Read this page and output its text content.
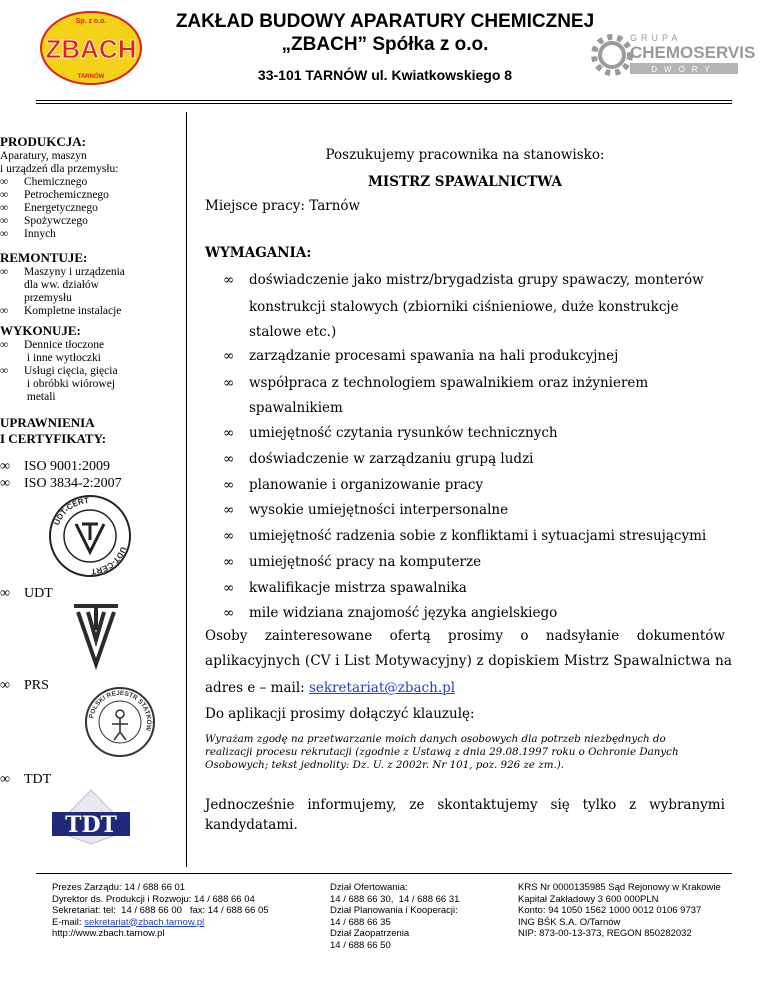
Sp. z o.o.
ZBACH
TARNÓW
ZAKŁAD BUDOWY APARATURY CHEMICZNEJ
„ZBACH” Spółka z o.o.
33-101 TARNÓW ul. Kwiatkowskiego 8
GRUPA
CHEMOSERVIS
DWORY

PRODUKCJA:

Aparatury, maszyn
i urządzeń dla przemysłu:
∞ Chemicznego
∞ Petrochemicznego
∞ Energetycznego
∞ Spożywczego
∞ Innych

REMONTUJE:

∞ Maszyny i urządzenia
dla ww. działów
przemysłu
∞ Kompletne instalacje

WYKONUJE:

∞ Dennice tłoczone
i inne wytłoczki
∞ Usługi cięcia, gięcia
i obróbki wiórowej
metali
UPRAWNIENIA
I CERTYFIKATY:
∞ ISO 9001:2009
∞ ISO 3834-2:2007
UDT-CERT
UDT-CERT
∞ UDT
∞ PRS
POLSKI REJESTR STATKÓW
∞ TDT
TDT
Poszukujemy pracownika na stanowisko:
MISTRZ SPAWALNICTWA
Miejsce pracy: Tarnów
WYMAGANIA:
∞ doświadczenie jako mistrz/brygadzista grupy spawaczy, monterów
konstrukcji stalowych (zbiorniki ciśnieniowe, duże konstrukcje
stalowe etc.)
∞ zarządzanie procesami spawania na hali produkcyjnej
∞ współpraca z technologiem spawalnikiem oraz inżynierem
spawalnikiem
∞ umiejętność czytania rysunków technicznych
∞ doświadczenie w zarządzaniu grupą ludzi
∞ planowanie i organizowanie pracy
∞ wysokie umiejętności interpersonalne
∞ umiejętność radzenia sobie z konfliktami i sytuacjami stresującymi
∞ umiejętność pracy na komputerze
∞ kwalifikacje mistrza spawalnika
∞ mile widziana znajomość języka angielskiego
Osoby zainteresowane ofertą prosimy o nadsyłanie dokumentów
aplikacyjnych (CV i List Motywacyjny) z dopiskiem Mistrz Spawalnictwa na
adres e – mail: sekretariat@zbach.pl
Do aplikacji prosimy dołączyć klauzulę:
Wyrażam zgodę na przetwarzanie moich danych osobowych dla potrzeb niezbędnych do
realizacji procesu rekrutacji (zgodnie z Ustawą z dnia 29.08.1997 roku o Ochronie Danych
Osobowych; tekst jednolity: Dz. U. z 2002r. Nr 101, poz. 926 ze zm.).
Jednocześnie informujemy, ze skontaktujemy się tylko z wybranymi
kandydatami.
Prezes Zarządu: 14 / 688 66 01
Dyrektor ds. Produkcji i Rozwoju: 14 / 688 66 04
Sekretariat: tel:  14 / 688 66 00   fax: 14 / 688 66 05
E-mail: sekretariat@zbach.tarnow.pl
http://www.zbach.tarnow.pl
Dział Ofertowania:
14 / 688 66 30,  14 / 688 66 31
Dział Planowania i Kooperacji:
14 / 688 66 35
Dział Zaopatrzenia
14 / 688 66 50
KRS Nr 0000135985 Sąd Rejonowy w Krakowie
Kapitał Zakładowy 3 600 000PLN
Konto: 94 1050 1562 1000 0012 0106 9737
ING BŚK S.A. O/Tarnów
NIP: 873-00-13-373, REGON 850282032
